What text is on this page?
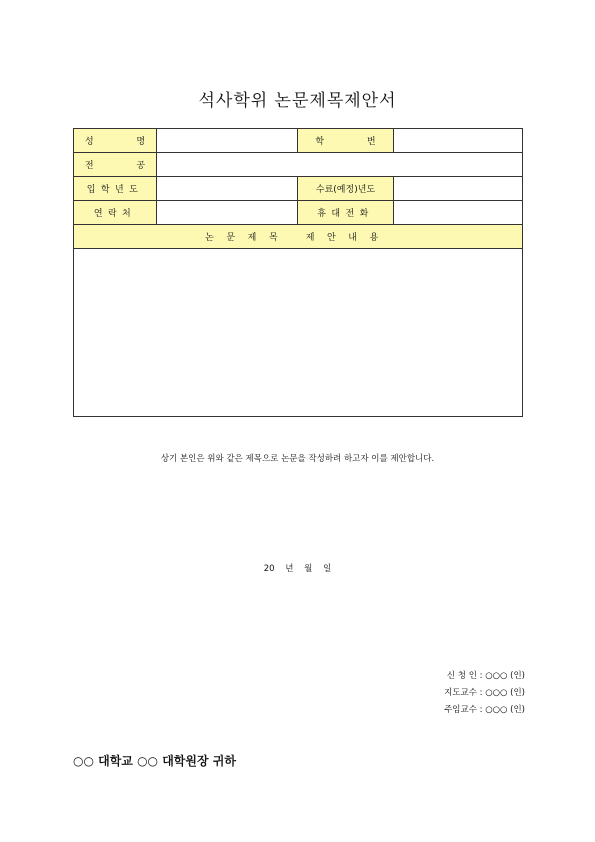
석사학위 논문제목제안서
성 명		학 번	
전 공			
입학년도		수료(예정)년도	
연락처		휴대전화	
논문제목 제안내용			

상기 본인은 위와 같은 제목으로 논문을 작성하려 하고자 이를 제안합니다.
20 년 월 일
신 청 인 : ○○○ (인)
지도교수 : ○○○ (인)
주임교수 : ○○○ (인)
○○ 대학교 ○○ 대학원장 귀하
